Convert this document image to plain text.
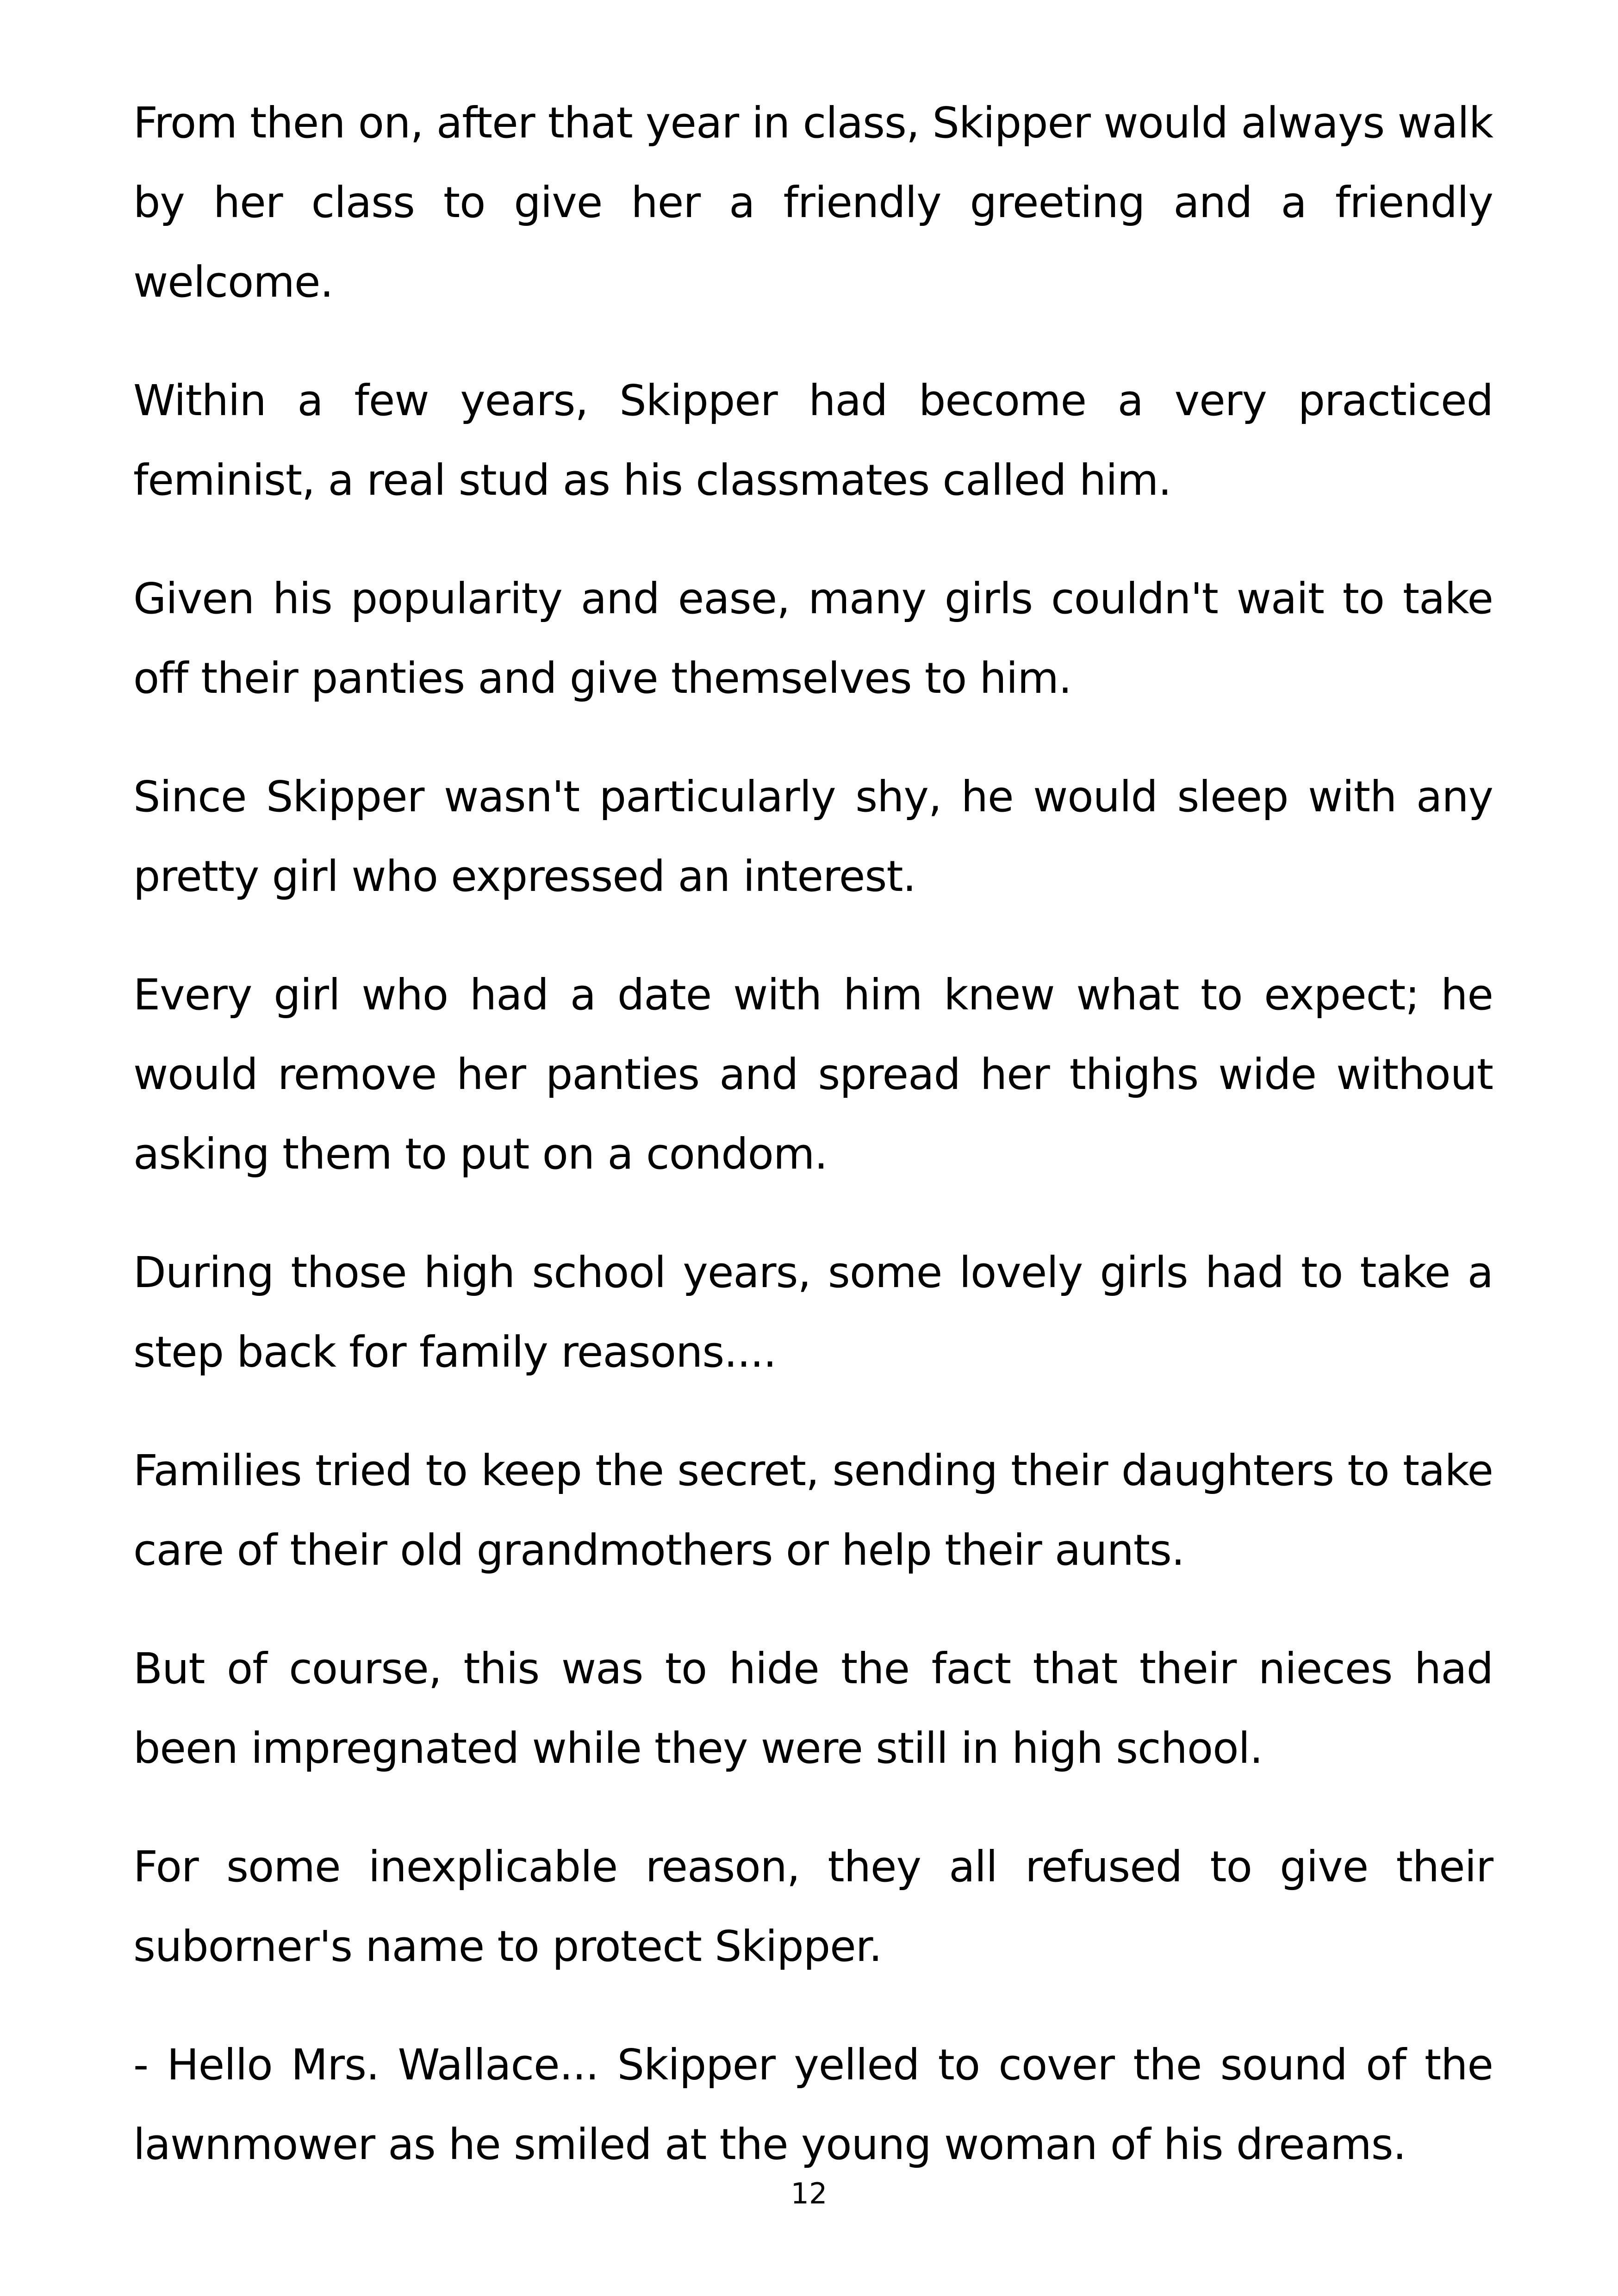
From then on, after that year in class, Skipper would always walk by her class to give her a friendly greeting and a friendly welcome.

Within a few years, Skipper had become a very practiced feminist, a real stud as his classmates called him.

Given his popularity and ease, many girls couldn't wait to take off their panties and give themselves to him.

Since Skipper wasn't particularly shy, he would sleep with any pretty girl who expressed an interest.

Every girl who had a date with him knew what to expect; he would remove her panties and spread her thighs wide without asking them to put on a condom.

During those high school years, some lovely girls had to take a step back for family reasons....

Families tried to keep the secret, sending their daughters to take care of their old grandmothers or help their aunts.

But of course, this was to hide the fact that their nieces had been impregnated while they were still in high school.

For some inexplicable reason, they all refused to give their suborner's name to protect Skipper.

- Hello Mrs. Wallace... Skipper yelled to cover the sound of the lawnmower as he smiled at the young woman of his dreams.

12
